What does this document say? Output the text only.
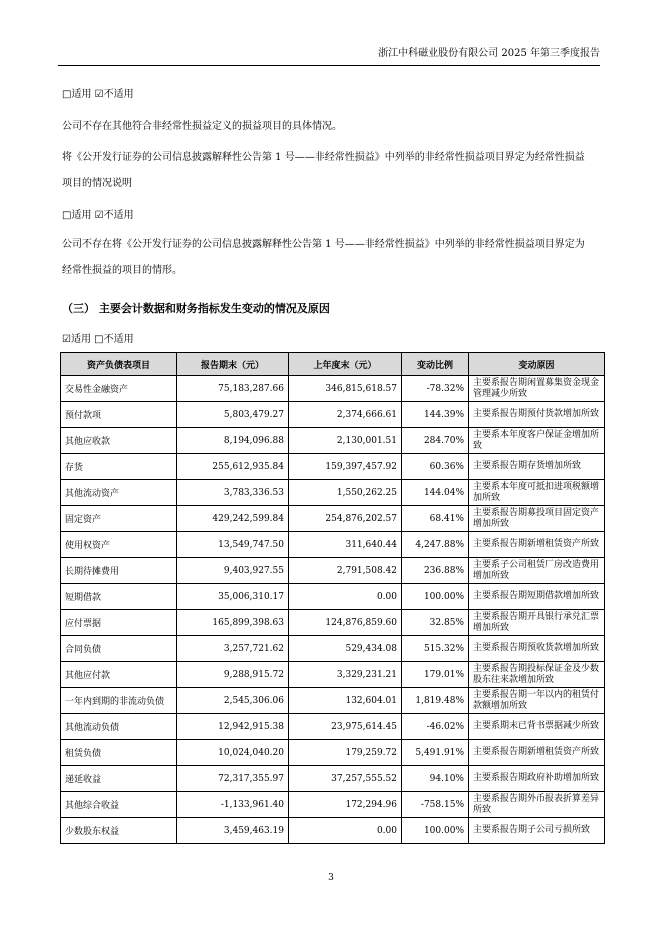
浙江中科磁业股份有限公司 2025 年第三季度报告
□适用 ☑不适用
公司不存在其他符合非经常性损益定义的损益项目的具体情况。
将《公开发行证券的公司信息披露解释性公告第 1 号——非经常性损益》中列举的非经常性损益项目界定为经常性损益
项目的情况说明
□适用 ☑不适用
公司不存在将《公开发行证券的公司信息披露解释性公告第 1 号——非经常性损益》中列举的非经常性损益项目界定为
经常性损益的项目的情形。
（三） 主要会计数据和财务指标发生变动的情况及原因
☑适用 □不适用
资产负债表项目	报告期末（元）	上年度末（元）	变动比例	变动原因
交易性金融资产	75,183,287.66	346,815,618.57	-78.32%	主要系报告期闲置募集资金现金管理减少所致
预付款项	5,803,479.27	2,374,666.61	144.39%	主要系报告期预付货款增加所致
其他应收款	8,194,096.88	2,130,001.51	284.70%	主要系本年度客户保证金增加所致
存货	255,612,935.84	159,397,457.92	60.36%	主要系报告期存货增加所致
其他流动资产	3,783,336.53	1,550,262.25	144.04%	主要系本年度可抵扣进项税额增加所致
固定资产	429,242,599.84	254,876,202.57	68.41%	主要系报告期募投项目固定资产增加所致
使用权资产	13,549,747.50	311,640.44	4,247.88%	主要系报告期新增租赁资产所致
长期待摊费用	9,403,927.55	2,791,508.42	236.88%	主要系子公司租赁厂房改造费用增加所致
短期借款	35,006,310.17	0.00	100.00%	主要系报告期短期借款增加所致
应付票据	165,899,398.63	124,876,859.60	32.85%	主要系报告期开具银行承兑汇票增加所致
合同负债	3,257,721.62	529,434.08	515.32%	主要系报告期预收货款增加所致
其他应付款	9,288,915.72	3,329,231.21	179.01%	主要系报告期投标保证金及少数股东往来款增加所致
一年内到期的非流动负债	2,545,306.06	132,604.01	1,819.48%	主要系报告期一年以内的租赁付款额增加所致
其他流动负债	12,942,915.38	23,975,614.45	-46.02%	主要系期末已背书票据减少所致
租赁负债	10,024,040.20	179,259.72	5,491.91%	主要系报告期新增租赁资产所致
递延收益	72,317,355.97	37,257,555.52	94.10%	主要系报告期政府补助增加所致
其他综合收益	-1,133,961.40	172,294.96	-758.15%	主要系报告期外币报表折算差异所致
少数股东权益	3,459,463.19	0.00	100.00%	主要系报告期子公司亏损所致
3
